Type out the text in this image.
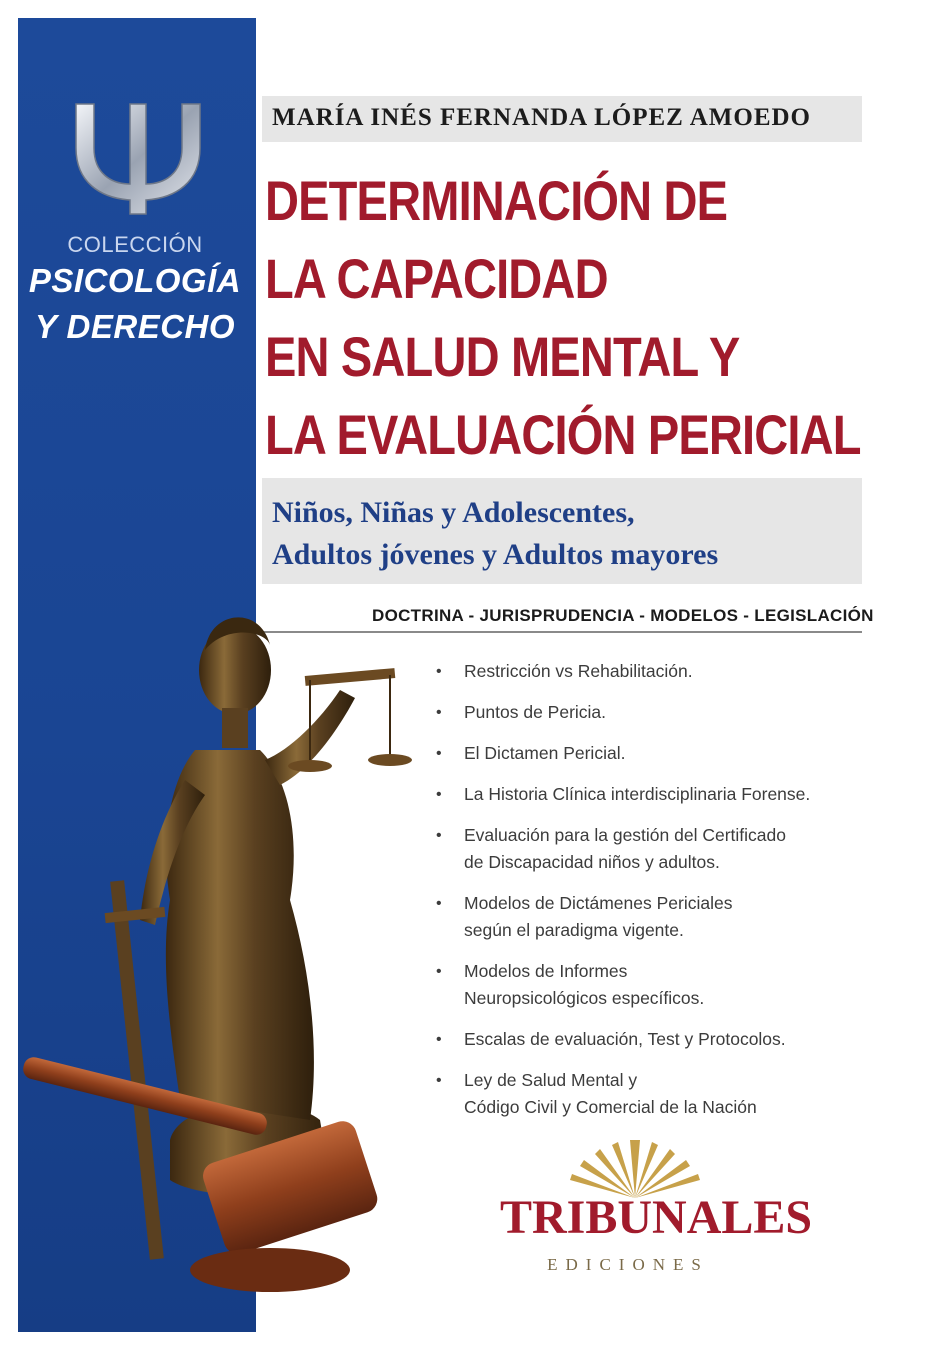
COLECCIÓN
PSICOLOGÍA
Y DERECHO
MARÍA INÉS FERNANDA LÓPEZ AMOEDO
DETERMINACIÓN DE
LA CAPACIDAD
EN SALUD MENTAL Y
LA EVALUACIÓN PERICIAL
Niños, Niñas y Adolescentes,
Adultos jóvenes y Adultos mayores
DOCTRINA - JURISPRUDENCIA - MODELOS - LEGISLACIÓN
• Restricción vs Rehabilitación.
• Puntos de Pericia.
• El Dictamen Pericial.
• La Historia Clínica interdisciplinaria Forense.
• Evaluación para la gestión del Certificado
de Discapacidad niños y adultos.
• Modelos de Dictámenes Periciales
según el paradigma vigente.
• Modelos de Informes
Neuropsicológicos específicos.
• Escalas de evaluación, Test y Protocolos.
• Ley de Salud Mental y
Código Civil y Comercial de la Nación
TRIBUNALES
EDICIONES
